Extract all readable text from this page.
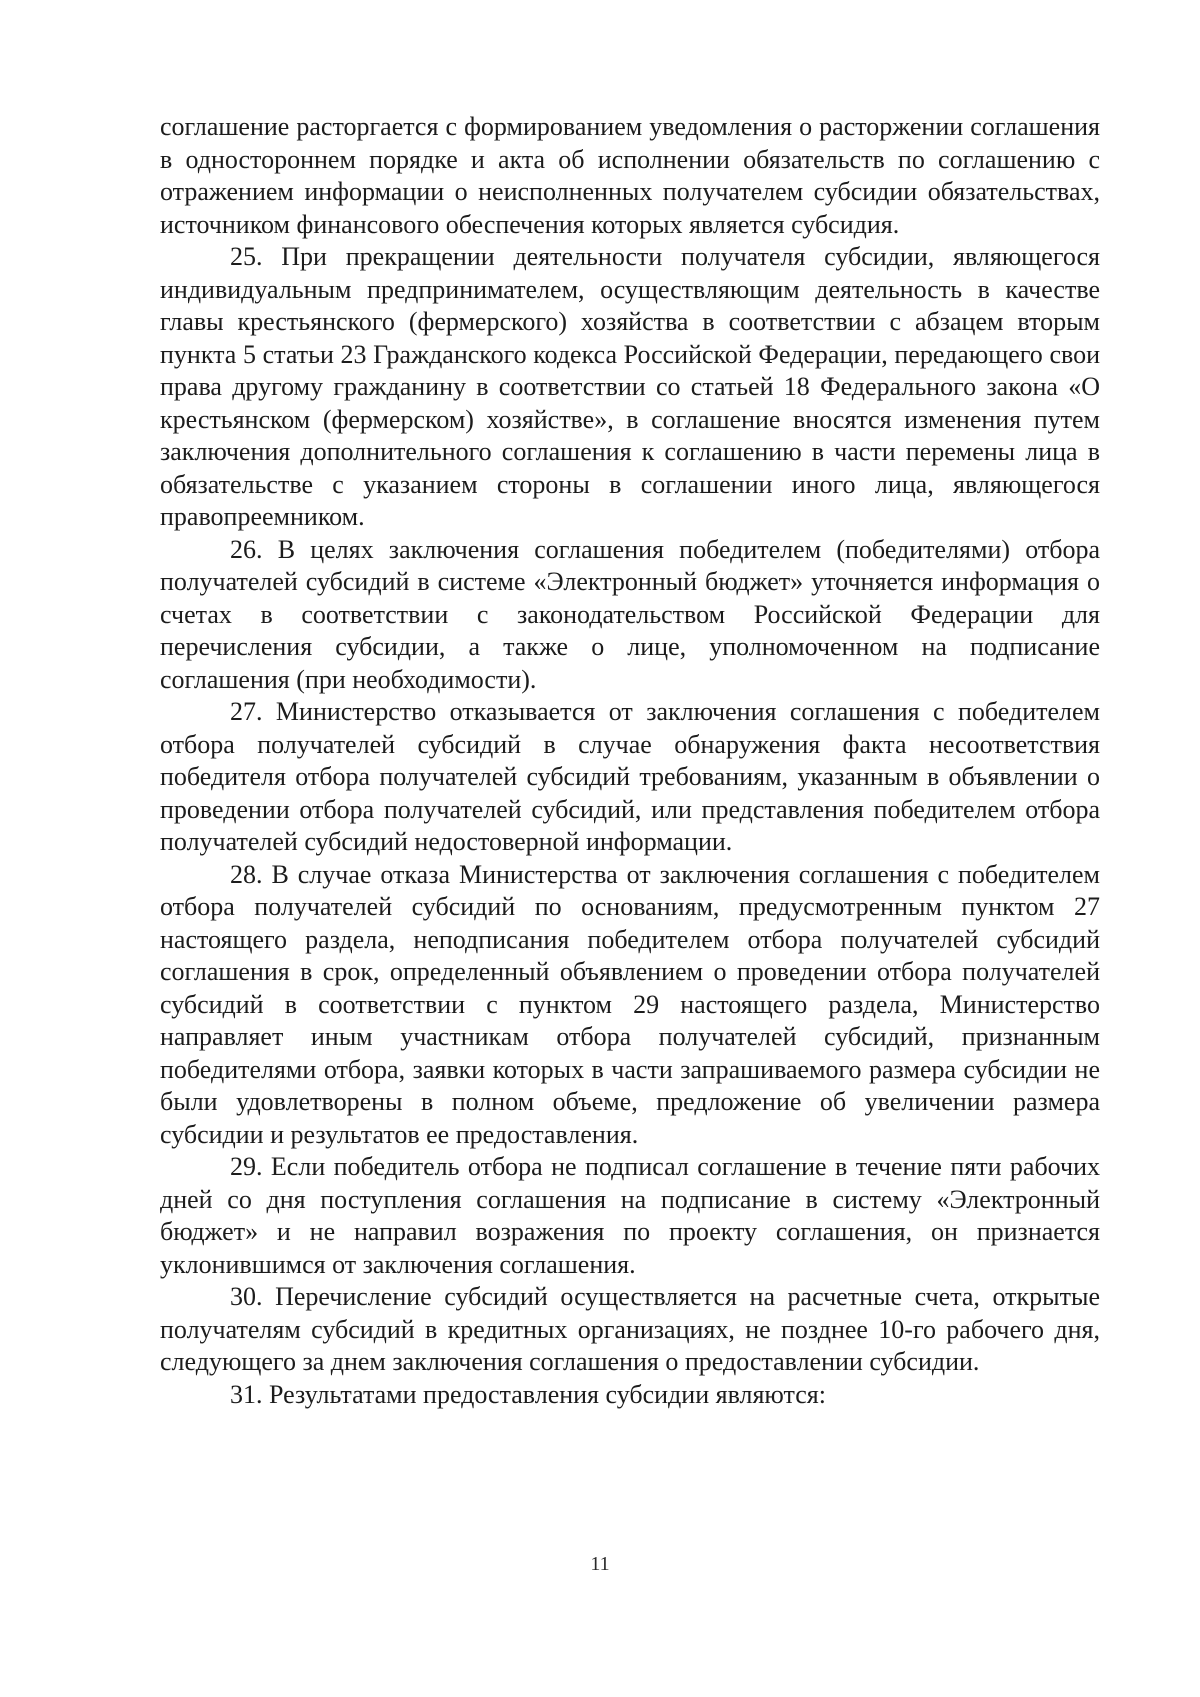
соглашение расторгается с формированием уведомления о расторжении соглашения в одностороннем порядке и акта об исполнении обязательств по соглашению с отражением информации о неисполненных получателем субсидии обязательствах, источником финансового обеспечения которых является субсидия.

25. При прекращении деятельности получателя субсидии, являющегося индивидуальным предпринимателем, осуществляющим деятельность в качестве главы крестьянского (фермерского) хозяйства в соответствии с абзацем вторым пункта 5 статьи 23 Гражданского кодекса Российской Федерации, передающего свои права другому гражданину в соответствии со статьей 18 Федерального закона «О крестьянском (фермерском) хозяйстве», в соглашение вносятся изменения путем заключения дополнительного соглашения к соглашению в части перемены лица в обязательстве с указанием стороны в соглашении иного лица, являющегося правопреемником.

26. В целях заключения соглашения победителем (победителями) отбора получателей субсидий в системе «Электронный бюджет» уточняется информация о счетах в соответствии с законодательством Российской Федерации для перечисления субсидии, а также о лице, уполномоченном на подписание соглашения (при необходимости).

27. Министерство отказывается от заключения соглашения с победителем отбора получателей субсидий в случае обнаружения факта несоответствия победителя отбора получателей субсидий требованиям, указанным в объявлении о проведении отбора получателей субсидий, или представления победителем отбора получателей субсидий недостоверной информации.

28. В случае отказа Министерства от заключения соглашения с победителем отбора получателей субсидий по основаниям, предусмотренным пунктом 27 настоящего раздела, неподписания победителем отбора получателей субсидий соглашения в срок, определенный объявлением о проведении отбора получателей субсидий в соответствии с пунктом 29 настоящего раздела, Министерство направляет иным участникам отбора получателей субсидий, признанным победителями отбора, заявки которых в части запрашиваемого размера субсидии не были удовлетворены в полном объеме, предложение об увеличении размера субсидии и результатов ее предоставления.

29. Если победитель отбора не подписал соглашение в течение пяти рабочих дней со дня поступления соглашения на подписание в систему «Электронный бюджет» и не направил возражения по проекту соглашения, он признается уклонившимся от заключения соглашения.

30. Перечисление субсидий осуществляется на расчетные счета, открытые получателям субсидий в кредитных организациях, не позднее 10-го рабочего дня, следующего за днем заключения соглашения о предоставлении субсидии.

31. Результатами предоставления субсидии являются:

11
